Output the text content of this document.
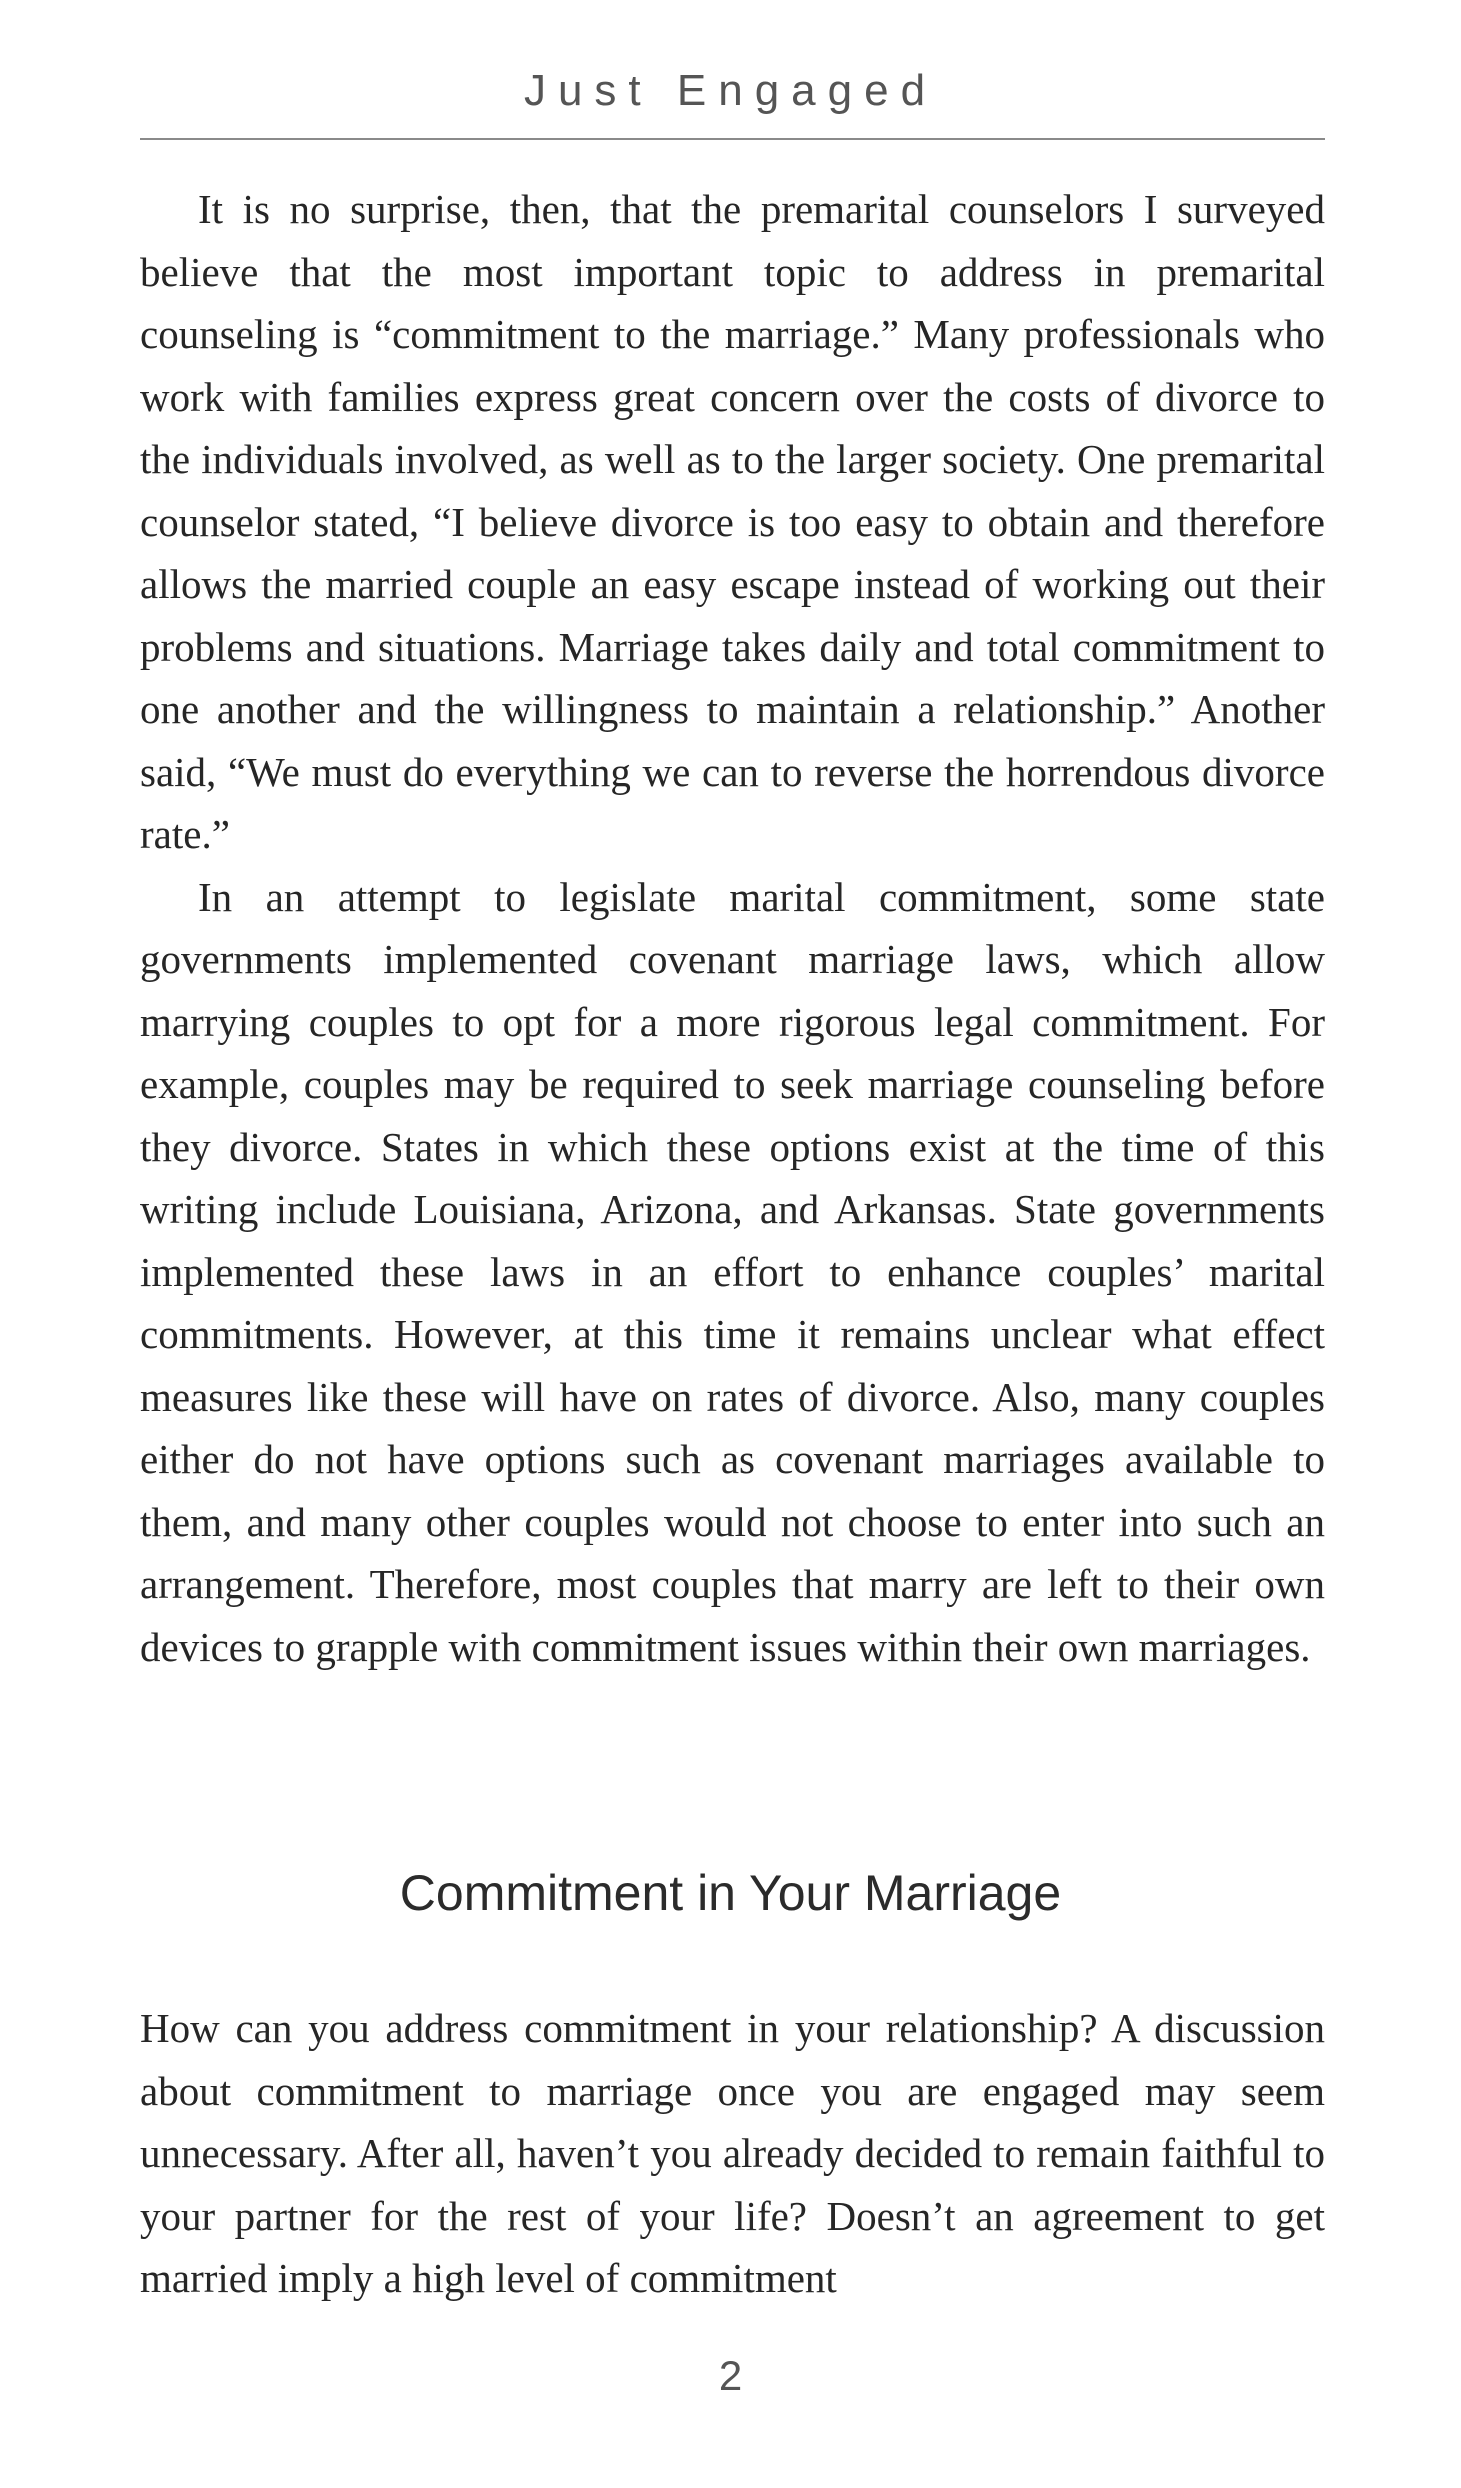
Just Engaged

It is no surprise, then, that the premarital counselors I surveyed believe that the most important topic to address in premarital counseling is “commitment to the marriage.” Many professionals who work with families express great concern over the costs of divorce to the individuals involved, as well as to the larger society. One premarital counselor stated, “I believe divorce is too easy to obtain and therefore allows the married couple an easy escape instead of working out their problems and situations. Marriage takes daily and total commitment to one another and the willingness to maintain a relationship.” Another said, “We must do everything we can to reverse the horrendous divorce rate.”

In an attempt to legislate marital commitment, some state governments implemented covenant marriage laws, which allow marrying couples to opt for a more rigorous legal commitment. For example, couples may be required to seek marriage counseling before they divorce. States in which these options exist at the time of this writing include Louisiana, Arizona, and Arkansas. State governments implemented these laws in an effort to enhance couples’ marital commitments. However, at this time it remains unclear what effect measures like these will have on rates of divorce. Also, many couples either do not have options such as covenant marriages available to them, and many other couples would not choose to enter into such an arrangement. Therefore, most couples that marry are left to their own devices to grapple with commitment issues within their own marriages.

Commitment in Your Marriage

How can you address commitment in your relationship? A discussion about commitment to marriage once you are engaged may seem unnecessary. After all, haven’t you already decided to remain faithful to your partner for the rest of your life? Doesn’t an agreement to get married imply a high level of commitment

2
